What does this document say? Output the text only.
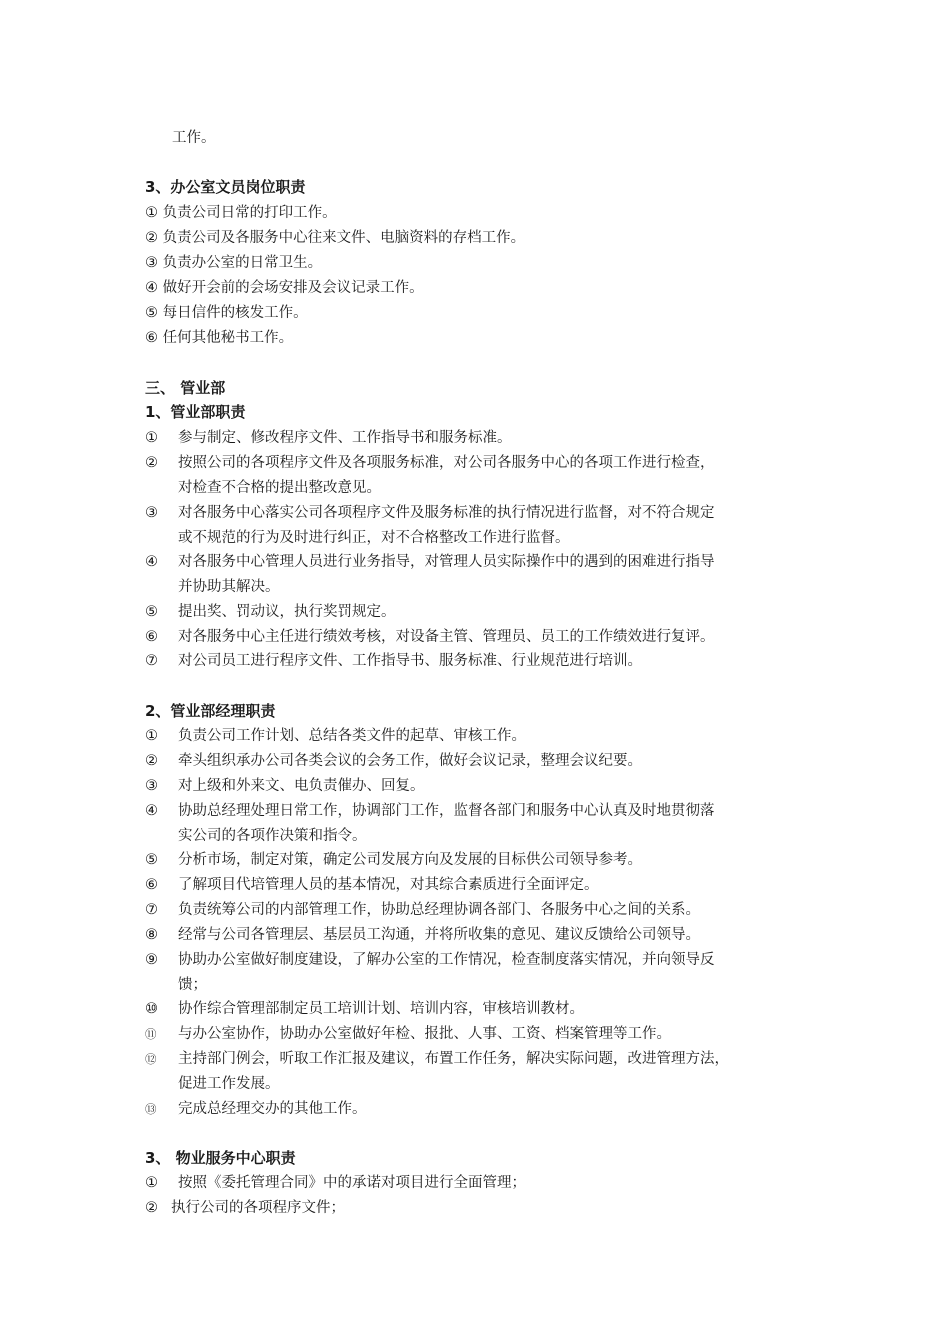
工作。
3、办公室文员岗位职责
① 负责公司日常的打印工作。
② 负责公司及各服务中心往来文件、电脑资料的存档工作。
③ 负责办公室的日常卫生。
④ 做好开会前的会场安排及会议记录工作。
⑤ 每日信件的核发工作。
⑥ 任何其他秘书工作。
三、 管业部
1、管业部职责
①	参与制定、修改程序文件、工作指导书和服务标准。
②	按照公司的各项程序文件及各项服务标准，对公司各服务中心的各项工作进行检查，
对检查不合格的提出整改意见。
③	对各服务中心落实公司各项程序文件及服务标准的执行情况进行监督，对不符合规定
或不规范的行为及时进行纠正，对不合格整改工作进行监督。
④	对各服务中心管理人员进行业务指导，对管理人员实际操作中的遇到的困难进行指导
并协助其解决。
⑤	提出奖、罚动议，执行奖罚规定。
⑥	对各服务中心主任进行绩效考核，对设备主管、管理员、员工的工作绩效进行复评。
⑦	对公司员工进行程序文件、工作指导书、服务标准、行业规范进行培训。
2、管业部经理职责
①	负责公司工作计划、总结各类文件的起草、审核工作。
②	牵头组织承办公司各类会议的会务工作，做好会议记录，整理会议纪要。
③	对上级和外来文、电负责催办、回复。
④	协助总经理处理日常工作，协调部门工作，监督各部门和服务中心认真及时地贯彻落
实公司的各项作决策和指令。
⑤	分析市场，制定对策，确定公司发展方向及发展的目标供公司领导参考。
⑥	了解项目代培管理人员的基本情况，对其综合素质进行全面评定。
⑦	负责统筹公司的内部管理工作，协助总经理协调各部门、各服务中心之间的关系。
⑧	经常与公司各管理层、基层员工沟通，并将所收集的意见、建议反馈给公司领导。
⑨	协助办公室做好制度建设，了解办公室的工作情况，检查制度落实情况，并向领导反
馈；
⑩	协作综合管理部制定员工培训计划、培训内容，审核培训教材。
⑪	与办公室协作，协助办公室做好年检、报批、人事、工资、档案管理等工作。
⑫	主持部门例会，听取工作汇报及建议，布置工作任务，解决实际问题，改进管理方法，
促进工作发展。
⑬	完成总经理交办的其他工作。
3、 物业服务中心职责
①	按照《委托管理合同》中的承诺对项目进行全面管理；
② 执行公司的各项程序文件；
